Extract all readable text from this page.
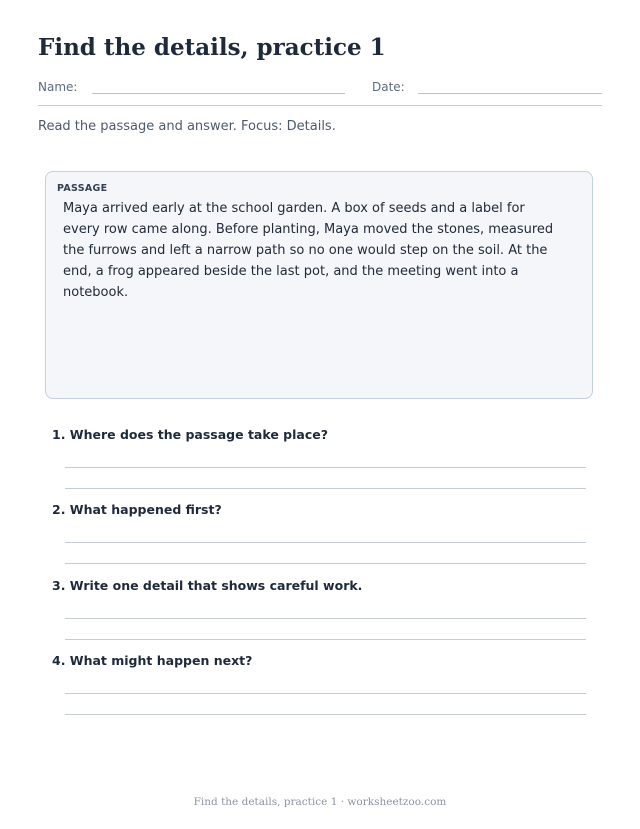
Find the details, practice 1
Name:	Date:
Read the passage and answer. Focus: Details.
PASSAGE
Maya arrived early at the school garden. A box of seeds and a label for every row came along. Before planting, Maya moved the stones, measured the furrows and left a narrow path so no one would step on the soil. At the end, a frog appeared beside the last pot, and the meeting went into a notebook.
1. Where does the passage take place?
2. What happened first?
3. Write one detail that shows careful work.
4. What might happen next?
Find the details, practice 1 · worksheetzoo.com
